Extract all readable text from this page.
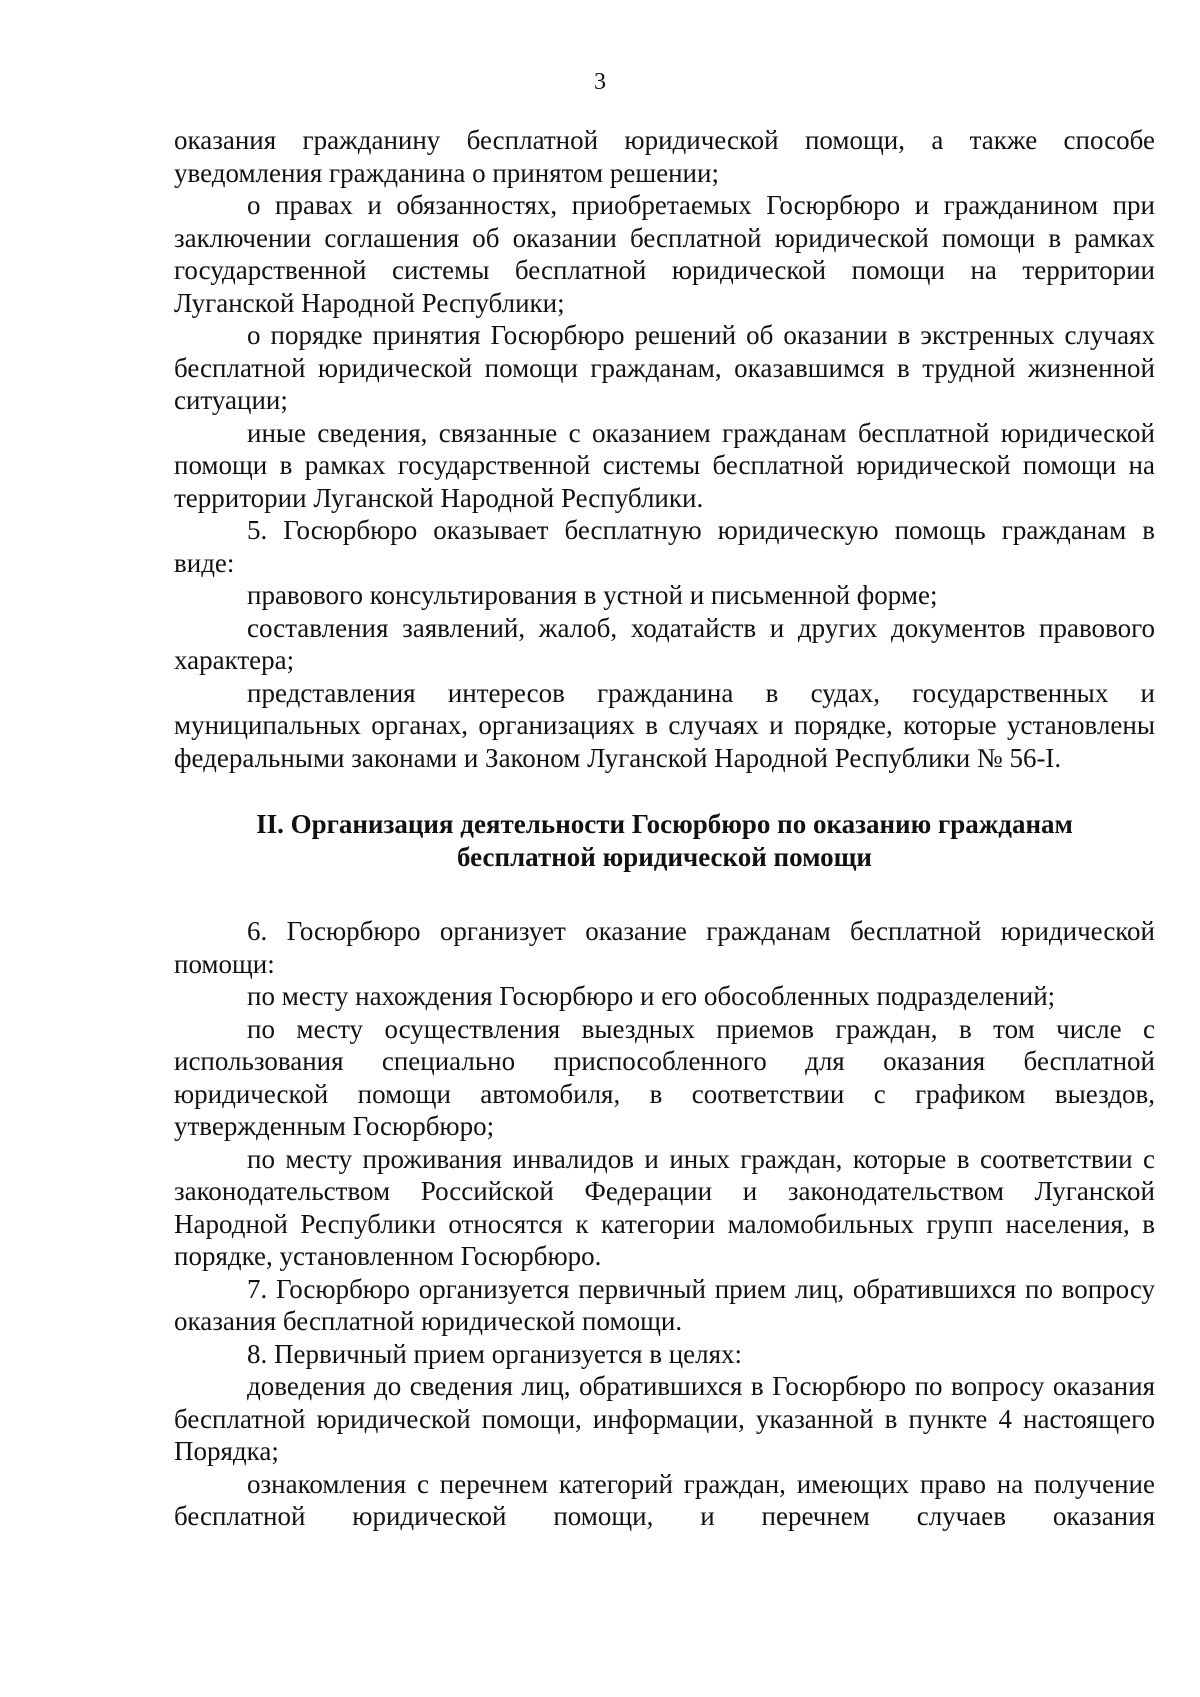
3

оказания гражданину бесплатной юридической помощи, а также способе уведомления гражданина о принятом решении;

о правах и обязанностях, приобретаемых Госюрбюро и гражданином при заключении соглашения об оказании бесплатной юридической помощи в рамках государственной системы бесплатной юридической помощи на территории Луганской Народной Республики;

о порядке принятия Госюрбюро решений об оказании в экстренных случаях бесплатной юридической помощи гражданам, оказавшимся в трудной жизненной ситуации;

иные сведения, связанные с оказанием гражданам бесплатной юридической помощи в рамках государственной системы бесплатной юридической помощи на территории Луганской Народной Республики.

5. Госюрбюро оказывает бесплатную юридическую помощь гражданам в виде:

правового консультирования в устной и письменной форме;

составления заявлений, жалоб, ходатайств и других документов правового характера;

представления интересов гражданина в судах, государственных и муниципальных органах, организациях в случаях и порядке, которые установлены федеральными законами и Законом Луганской Народной Республики № 56-I.

II. Организация деятельности Госюрбюро по оказанию гражданам
бесплатной юридической помощи

6. Госюрбюро организует оказание гражданам бесплатной юридической помощи:

по месту нахождения Госюрбюро и его обособленных подразделений;

по месту осуществления выездных приемов граждан, в том числе с использования специально приспособленного для оказания бесплатной юридической помощи автомобиля, в соответствии с графиком выездов, утвержденным Госюрбюро;

по месту проживания инвалидов и иных граждан, которые в соответствии с законодательством Российской Федерации и законодательством Луганской Народной Республики относятся к категории маломобильных групп населения, в порядке, установленном Госюрбюро.

7. Госюрбюро организуется первичный прием лиц, обратившихся по вопросу оказания бесплатной юридической помощи.

8. Первичный прием организуется в целях:

доведения до сведения лиц, обратившихся в Госюрбюро по вопросу оказания бесплатной юридической помощи, информации, указанной в пункте 4 настоящего Порядка;

ознакомления с перечнем категорий граждан, имеющих право на получение бесплатной юридической помощи, и перечнем случаев оказания
